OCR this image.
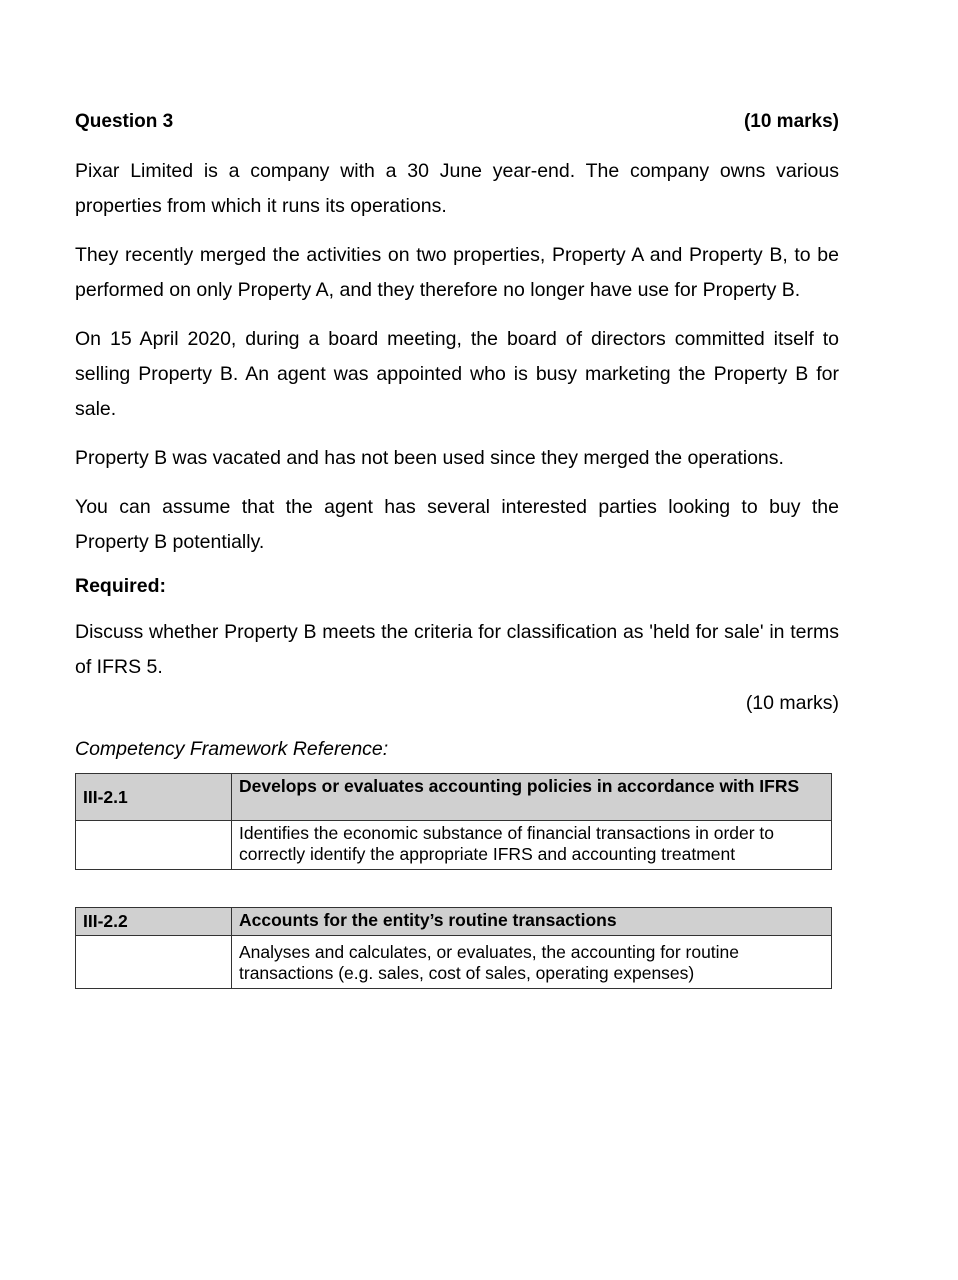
Question 3	(10 marks)

Pixar Limited is a company with a 30 June year-end. The company owns various properties from which it runs its operations.

They recently merged the activities on two properties, Property A and Property B, to be performed on only Property A, and they therefore no longer have use for Property B.

On 15 April 2020, during a board meeting, the board of directors committed itself to selling Property B. An agent was appointed who is busy marketing the Property B for sale.

Property B was vacated and has not been used since they merged the operations.

You can assume that the agent has several interested parties looking to buy the Property B potentially.

Required:

Discuss whether Property B meets the criteria for classification as 'held for sale' in terms of IFRS 5.

(10 marks)
Competency Framework Reference:
III-2.1	Develops or evaluates accounting policies in accordance with IFRS
	Identifies the economic substance of financial transactions in order to correctly identify the appropriate IFRS and accounting treatment
III-2.2	Accounts for the entity’s routine transactions
	Analyses and calculates, or evaluates, the accounting for routine transactions (e.g. sales, cost of sales, operating expenses)
